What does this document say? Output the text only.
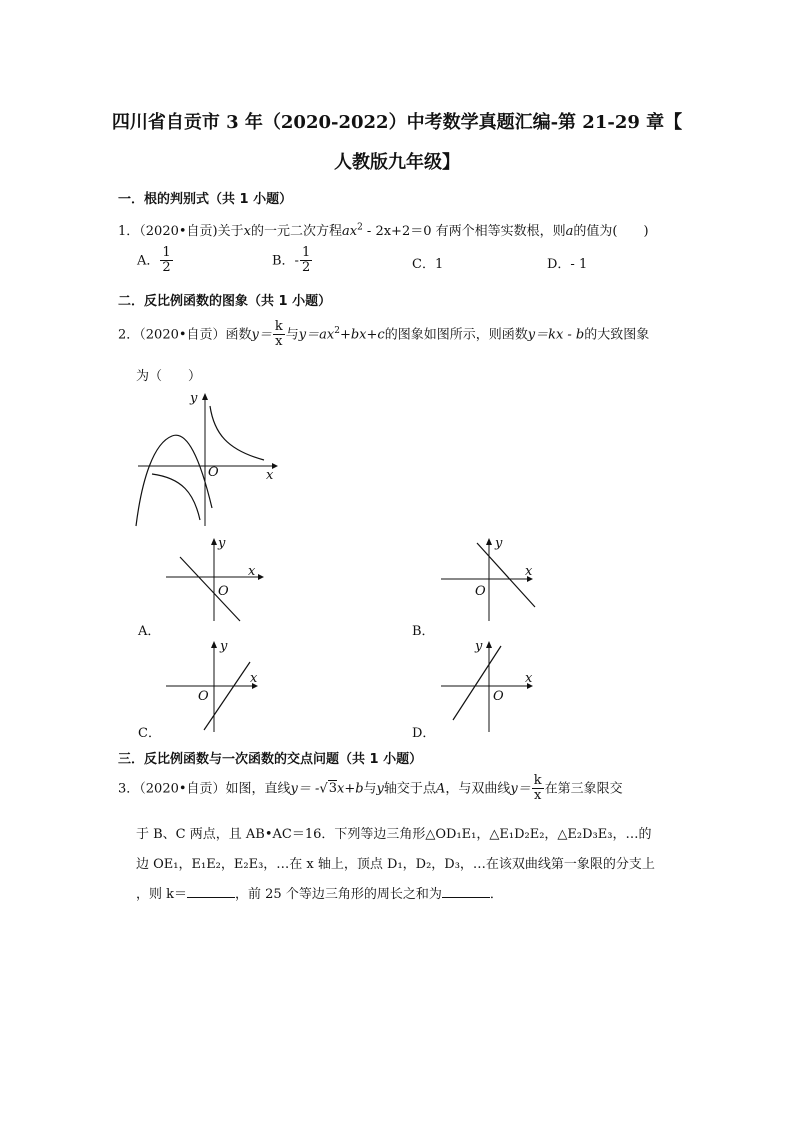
四川省自贡市 3 年（2020-2022）中考数学真题汇编-第 21-29 章【
人教版九年级】
一．根的判别式（共 1 小题）
1．（2020•自贡)关于x的一元二次方程$ax^2 - 2x+2=0$ 有两个相等实数根，则a的值为(　　)
A． $\frac{1}{2}$	B．- $\frac{1}{2}$	C．1	D．- 1
二．反比例函数的图象（共 1 小题）
2．（2020•自贡）函数$y= \frac{k}{x}$ 与$y=ax^2+bx+c$的图象如图所示，则函数y＝kx - b的大致图象
为（　　）
y
x
O
y
x
O
A．
y
x
O
B．
y
x
O
C．
y
x
O
D．
三．反比例函数与一次函数的交点问题（共 1 小题）
3．（2020•自贡）如图，直线y＝ -√3x+b与y轴交于点A，与双曲线$y= \frac{k}{x}$ 在第三象限交
于 B、C 两点，且 AB•AC＝16．下列等边三角形△OD₁E₁，△E₁D₂E₂，△E₂D₃E₃，…的
边 OE₁，E₁E₂，E₂E₃，…在 x 轴上，顶点 D₁，D₂，D₃，…在该双曲线第一象限的分支上
，则 k＝	，前 25 个等边三角形的周长之和为	．
